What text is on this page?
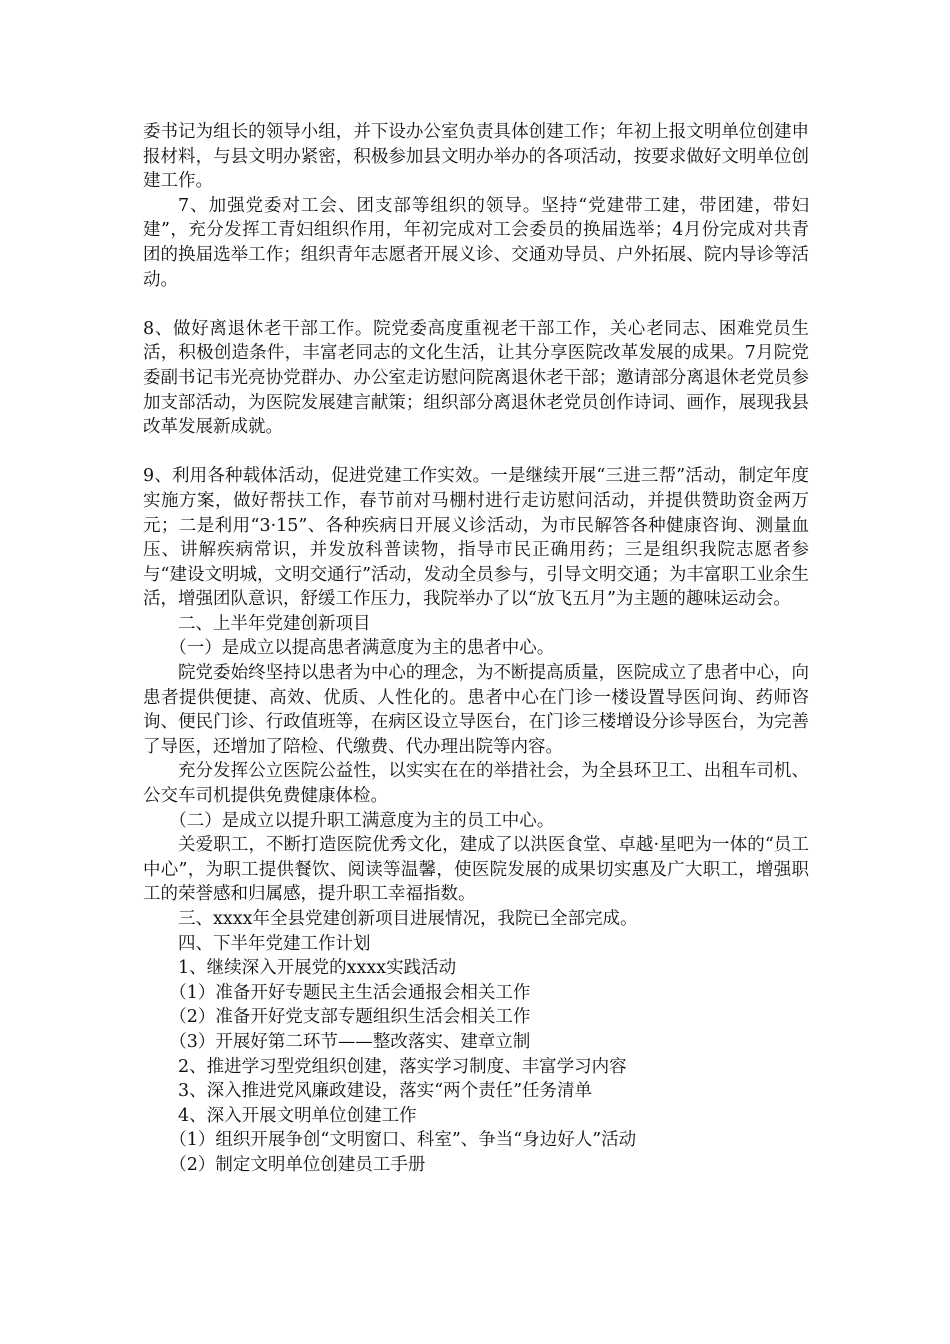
委书记为组长的领导小组，并下设办公室负责具体创建工作；年初上报文明单位创建申报材料，与县文明办紧密，积极参加县文明办举办的各项活动，按要求做好文明单位创建工作。

7、加强党委对工会、团支部等组织的领导。坚持“党建带工建，带团建，带妇建”，充分发挥工青妇组织作用，年初完成对工会委员的换届选举；4月份完成对共青团的换届选举工作；组织青年志愿者开展义诊、交通劝导员、户外拓展、院内导诊等活动。

8、做好离退休老干部工作。院党委高度重视老干部工作，关心老同志、困难党员生活，积极创造条件，丰富老同志的文化生活，让其分享医院改革发展的成果。7月院党委副书记韦光亮协党群办、办公室走访慰问院离退休老干部；邀请部分离退休老党员参加支部活动，为医院发展建言献策；组织部分离退休老党员创作诗词、画作，展现我县改革发展新成就。

9、利用各种载体活动，促进党建工作实效。一是继续开展“三进三帮”活动，制定年度实施方案，做好帮扶工作，春节前对马棚村进行走访慰问活动，并提供赞助资金两万元；二是利用“3·15”、各种疾病日开展义诊活动，为市民解答各种健康咨询、测量血压、讲解疾病常识，并发放科普读物，指导市民正确用药；三是组织我院志愿者参与“建设文明城，文明交通行”活动，发动全员参与，引导文明交通；为丰富职工业余生活，增强团队意识，舒缓工作压力，我院举办了以“放飞五月”为主题的趣味运动会。

二、上半年党建创新项目

（一）是成立以提高患者满意度为主的患者中心。

院党委始终坚持以患者为中心的理念，为不断提高质量，医院成立了患者中心，向患者提供便捷、高效、优质、人性化的。患者中心在门诊一楼设置导医问询、药师咨询、便民门诊、行政值班等，在病区设立导医台，在门诊三楼增设分诊导医台，为完善了导医，还增加了陪检、代缴费、代办理出院等内容。

充分发挥公立医院公益性，以实实在在的举措社会，为全县环卫工、出租车司机、公交车司机提供免费健康体检。

（二）是成立以提升职工满意度为主的员工中心。

关爱职工，不断打造医院优秀文化，建成了以洪医食堂、卓越·星吧为一体的“员工中心”，为职工提供餐饮、阅读等温馨，使医院发展的成果切实惠及广大职工，增强职工的荣誉感和归属感，提升职工幸福指数。

三、xxxx年全县党建创新项目进展情况，我院已全部完成。

四、下半年党建工作计划

1、继续深入开展党的xxxx实践活动

（1）准备开好专题民主生活会通报会相关工作

（2）准备开好党支部专题组织生活会相关工作

（3）开展好第二环节——整改落实、建章立制

2、推进学习型党组织创建，落实学习制度、丰富学习内容

3、深入推进党风廉政建设，落实“两个责任”任务清单

4、深入开展文明单位创建工作

（1）组织开展争创“文明窗口、科室”、争当“身边好人”活动

（2）制定文明单位创建员工手册
